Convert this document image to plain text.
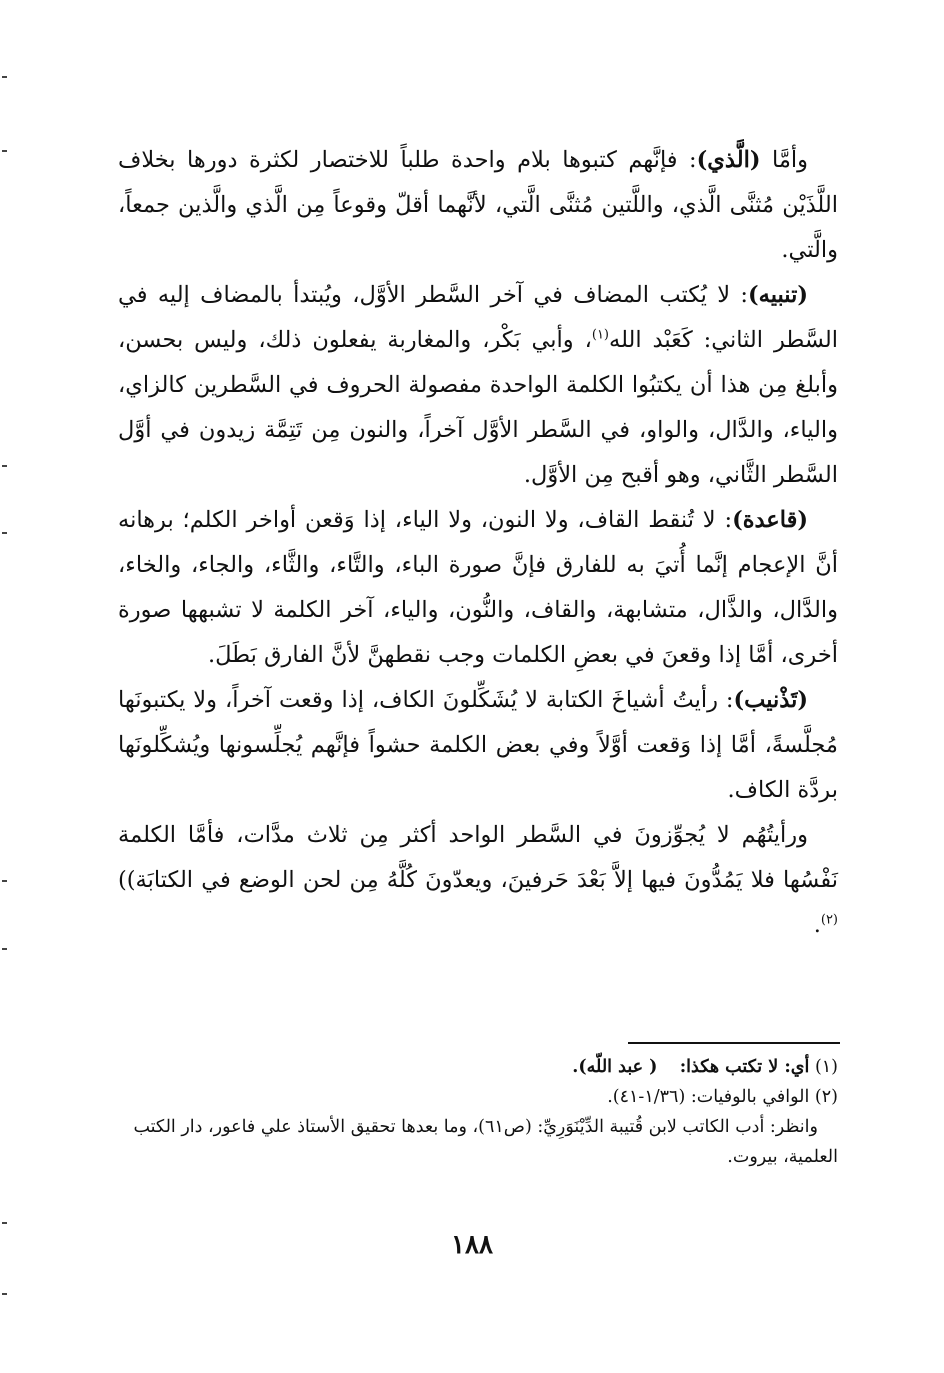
وأمَّا (الَّذي): فإنَّهم كتبوها بلام واحدة طلباً للاختصار لكثرة دورها بخلاف اللَّذَيْن مُثنَّى الَّذي، واللَّتين مُثنَّى الَّتي، لأنَّهما أقلّ وقوعاً مِن الَّذي والَّذين جمعاً، والَّتي.

(تنبيه): لا يُكتب المضاف في آخر السَّطر الأوَّل، ويُبتدأ بالمضاف إليه في السَّطر الثاني: كَعَبْد الله$^{(١)}$، وأبي بَكْر، والمغاربة يفعلون ذلك، وليس بحسن، وأبلغ مِن هذا أن يكتبُوا الكلمة الواحدة مفصولة الحروف في السَّطرين كالزاي، والياء، والدَّال، والواو، في السَّطر الأوَّل آخراً، والنون مِن تَتِمَّة زيدون في أوَّل السَّطر الثَّاني، وهو أقبح مِن الأوَّل.

(قاعدة): لا تُنقط القاف، ولا النون، ولا الياء، إذا وَقعن أواخر الكلم؛ برهانه أنَّ الإعجام إنَّما أُتيَ به للفارق فإنَّ صورة الباء، والتَّاء، والثَّاء، والجاء، والخاء، والدَّال، والذَّال، متشابهة، والقاف، والنُّون، والياء، آخر الكلمة لا تشبهها صورة أخرى، أمَّا إذا وقعنَ في بعضِ الكلمات وجب نقطهنَّ لأنَّ الفارق بَطَلَ.

(تَذْنيب): رأيتُ أشياخَ الكتابة لا يُشَكِّلونَ الكاف، إذا وقعت آخراً، ولا يكتبونَها مُجلَّسةً، أمَّا إذا وَقعت أوَّلاً وفي بعض الكلمة حشواً فإنَّهم يُجلِّسونها ويُشكِّلونَها بردَّة الكاف.

ورأيتُهُم لا يُجوِّزونَ في السَّطر الواحد أكثر مِن ثلاث مدَّات، فأمَّا الكلمة نَفْسُها فلا يَمُدُّونَ فيها إلاَّ بَعْدَ حَرفينَ، ويعدّونَ كُلَّهُ مِن لحن الوضع في الكتابَة))$^{(٢)}$.

(١) أي: لا تكتب هكذا:    ( عبد اللّه).

(٢) الوافي بالوفيات: (١/٣٦-٤١).

وانظر: أدب الكاتب لابن قُتيبة الدِّيْنَوَرِيِّ: (ص٦١)، وما بعدها تحقيق الأستاذ علي فاعور، دار الكتب العلمية، بيروت.

١٨٨
